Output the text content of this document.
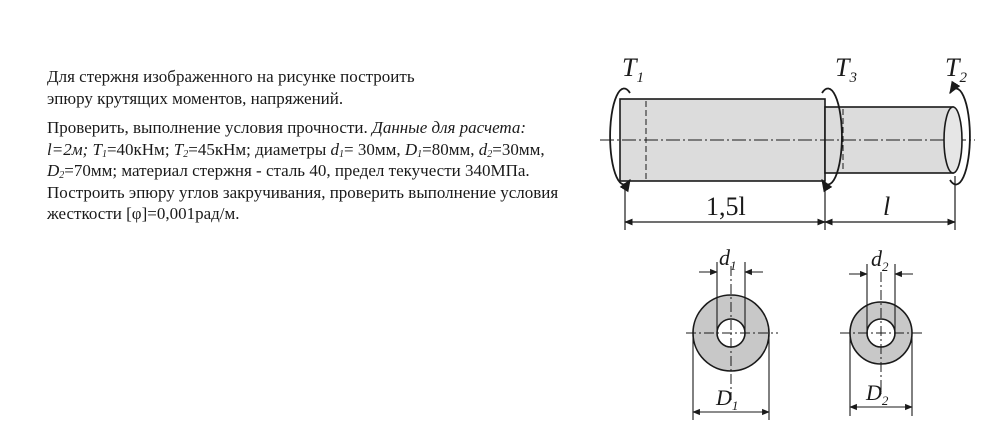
Для стержня изображенного на рисунке построить
эпюру крутящих моментов, напряжений.

Проверить, выполнение условия прочности. Данные для расчета: l=2м; $T_1=40кНм$; $T_2=45кНм$; диаметры $d_1= 30мм$, $D_1=80мм$, $d_2=30мм$, $D_2=70мм$; материал стержня - сталь 40, предел текучести 340МПа. Построить эпюру углов закручивания, проверить выполнение условия жесткости [φ]=0,001рад/м.

$T_1$	$T_3$	$T_2$
1,5l	l
$d_1$
$D_1$
$d_2$
$D_2$
